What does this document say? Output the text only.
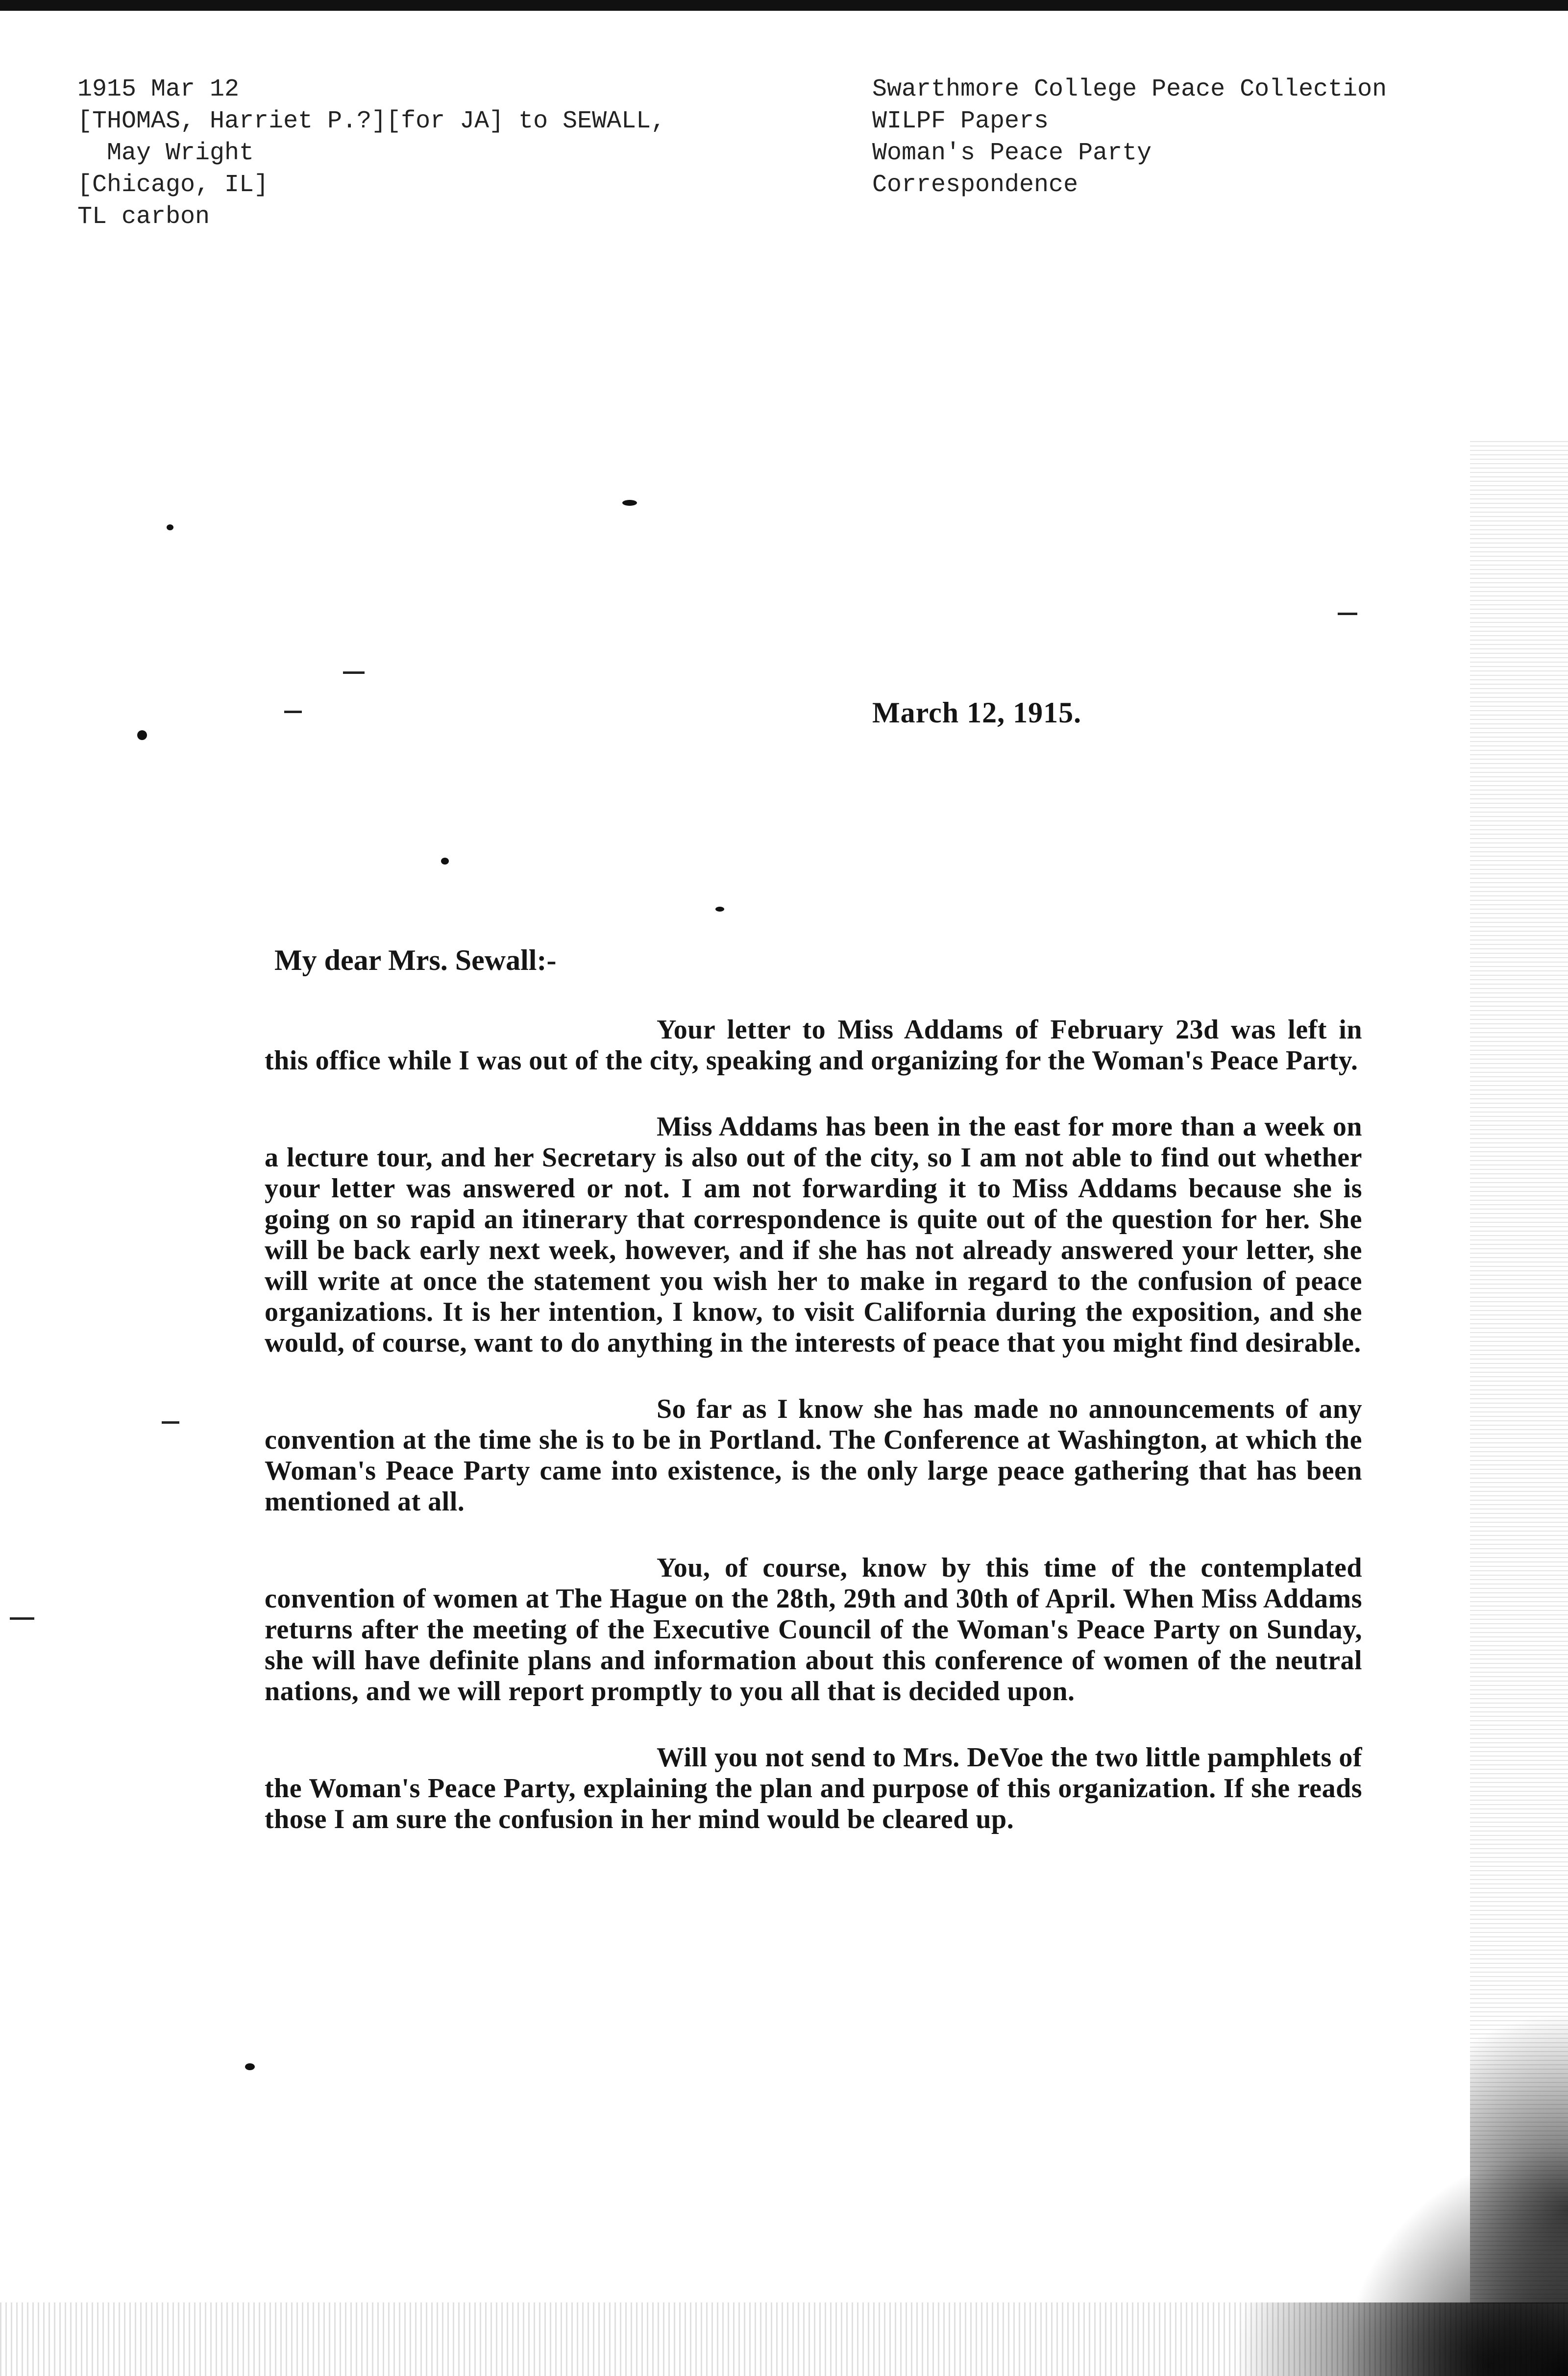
1915 Mar 12
[THOMAS, Harriet P.?][for JA] to SEWALL,
May Wright
[Chicago, IL]
TL carbon
Swarthmore College Peace Collection
WILPF Papers
Woman's Peace Party
Correspondence
March 12, 1915.
My dear Mrs. Sewall:-

Your letter to Miss Addams of February 23d was left in this office while I was out of the city, speaking and organizing for the Woman's Peace Party.

Miss Addams has been in the east for more than a week on a lecture tour, and her Secretary is also out of the city, so I am not able to find out whether your letter was answered or not. I am not forwarding it to Miss Addams because she is going on so rapid an itinerary that correspondence is quite out of the question for her. She will be back early next week, however, and if she has not already answered your letter, she will write at once the statement you wish her to make in regard to the confusion of peace organizations. It is her intention, I know, to visit California during the exposition, and she would, of course, want to do anything in the interests of peace that you might find desirable.

So far as I know she has made no announcements of any convention at the time she is to be in Portland. The Conference at Washington, at which the Woman's Peace Party came into existence, is the only large peace gathering that has been mentioned at all.

You, of course, know by this time of the contemplated convention of women at The Hague on the 28th, 29th and 30th of April. When Miss Addams returns after the meeting of the Executive Council of the Woman's Peace Party on Sunday, she will have definite plans and information about this conference of women of the neutral nations, and we will report promptly to you all that is decided upon.

Will you not send to Mrs. DeVoe the two little pamphlets of the Woman's Peace Party, explaining the plan and purpose of this organization. If she reads those I am sure the confusion in her mind would be cleared up.
